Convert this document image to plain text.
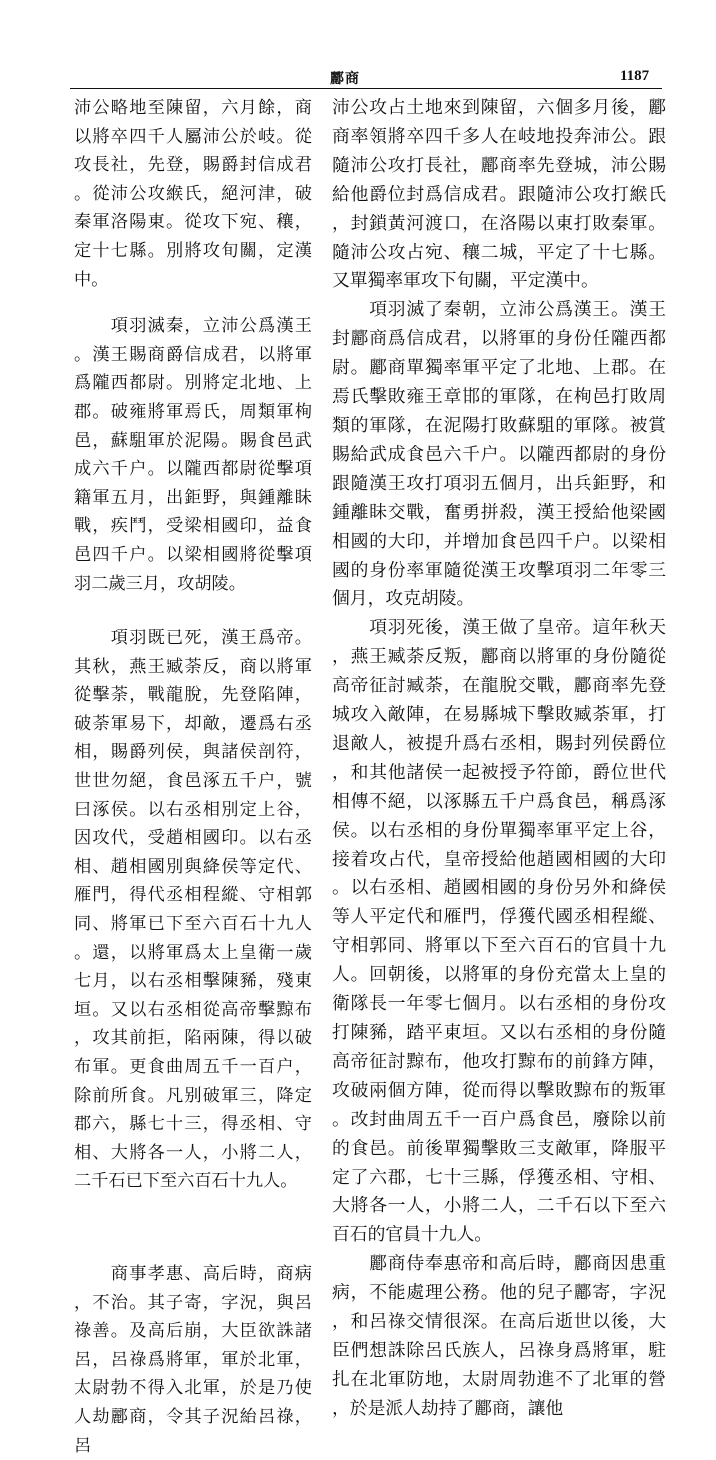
酈商	1187

沛公略地至陳留，六月餘，商以將卒四千人屬沛公於岐。從攻長社，先登，賜爵封信成君。從沛公攻緱氏，絕河津，破秦軍洛陽東。從攻下宛、穰，定十七縣。別將攻旬關，定漢中。

　　項羽滅秦，立沛公爲漢王。漢王賜商爵信成君，以將軍爲隴西都尉。別將定北地、上郡。破雍將軍焉氏，周類軍栒邑，蘇駔軍於泥陽。賜食邑武成六千户。以隴西都尉從擊項籍軍五月，出鉅野，與鍾離眛戰，疾鬥，受梁相國印，益食邑四千户。以梁相國將從擊項羽二歲三月，攻胡陵。

　　項羽既已死，漢王爲帝。其秋，燕王臧荼反，商以將軍從擊荼，戰龍脫，先登陷陣，破荼軍易下，却敵，遷爲右丞相，賜爵列侯，與諸侯剖符，世世勿絕，食邑涿五千户，號曰涿侯。以右丞相別定上谷，因攻代，受趙相國印。以右丞相、趙相國別與絳侯等定代、雁門，得代丞相程縱、守相郭同、將軍已下至六百石十九人。還，以將軍爲太上皇衛一歲七月，以右丞相擊陳豨，殘東垣。又以右丞相從高帝擊黥布，攻其前拒，陷兩陳，得以破布軍。更食曲周五千一百户，除前所食。凡别破軍三，降定郡六，縣七十三，得丞相、守相、大將各一人，小將二人，二千石已下至六百石十九人。

　　商事孝惠、高后時，商病，不治。其子寄，字況，與呂祿善。及高后崩，大臣欲誅諸呂，呂祿爲將軍，軍於北軍，太尉勃不得入北軍，於是乃使人劫酈商，令其子況紿呂祿，呂

沛公攻占土地來到陳留，六個多月後，酈商率領將卒四千多人在岐地投奔沛公。跟隨沛公攻打長社，酈商率先登城，沛公賜給他爵位封爲信成君。跟隨沛公攻打緱氏，封鎖黃河渡口，在洛陽以東打敗秦軍。隨沛公攻占宛、穰二城，平定了十七縣。又單獨率軍攻下旬關，平定漢中。

　　項羽滅了秦朝，立沛公爲漢王。漢王封酈商爲信成君，以將軍的身份任隴西都尉。酈商單獨率軍平定了北地、上郡。在焉氏擊敗雍王章邯的軍隊，在栒邑打敗周類的軍隊，在泥陽打敗蘇駔的軍隊。被賞賜給武成食邑六千户。以隴西都尉的身份跟隨漢王攻打項羽五個月，出兵鉅野，和鍾離眛交戰，奮勇拼殺，漢王授給他梁國相國的大印，并增加食邑四千户。以梁相國的身份率軍隨從漢王攻擊項羽二年零三個月，攻克胡陵。

　　項羽死後，漢王做了皇帝。這年秋天，燕王臧荼反叛，酈商以將軍的身份隨從高帝征討臧荼，在龍脫交戰，酈商率先登城攻入敵陣，在易縣城下擊敗臧荼軍，打退敵人，被提升爲右丞相，賜封列侯爵位，和其他諸侯一起被授予符節，爵位世代相傳不絕，以涿縣五千户爲食邑，稱爲涿侯。以右丞相的身份單獨率軍平定上谷，接着攻占代，皇帝授給他趙國相國的大印。以右丞相、趙國相國的身份另外和絳侯等人平定代和雁門，俘獲代國丞相程縱、守相郭同、將軍以下至六百石的官員十九人。回朝後，以將軍的身份充當太上皇的衛隊長一年零七個月。以右丞相的身份攻打陳豨，踏平東垣。又以右丞相的身份隨高帝征討黥布，他攻打黥布的前鋒方陣，攻破兩個方陣，從而得以擊敗黥布的叛軍。改封曲周五千一百户爲食邑，廢除以前的食邑。前後單獨擊敗三支敵軍，降服平定了六郡，七十三縣，俘獲丞相、守相、大將各一人，小將二人，二千石以下至六百石的官員十九人。

　　酈商侍奉惠帝和高后時，酈商因患重病，不能處理公務。他的兒子酈寄，字況，和呂祿交情很深。在高后逝世以後，大臣們想誅除呂氏族人，呂祿身爲將軍，駐扎在北軍防地，太尉周勃進不了北軍的營，於是派人劫持了酈商，讓他
